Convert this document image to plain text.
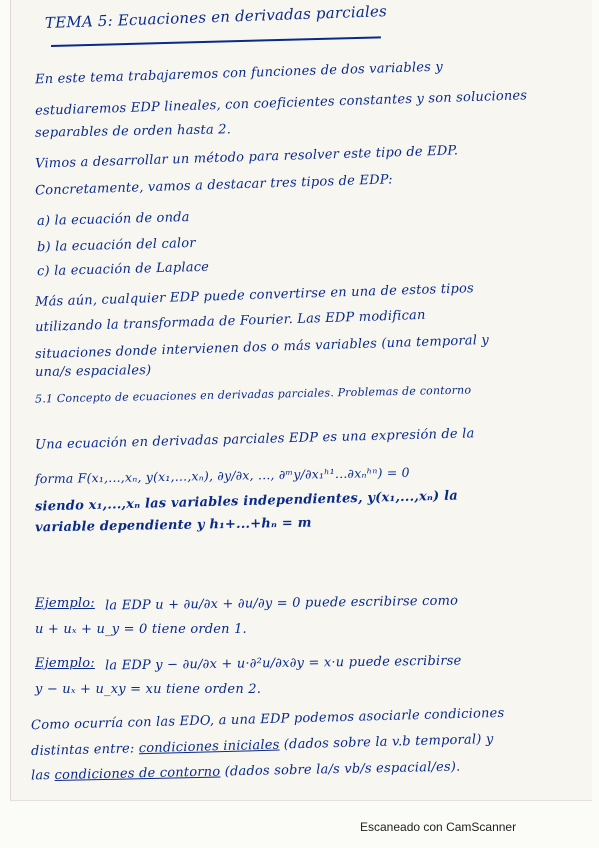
TEMA 5: Ecuaciones en derivadas parciales
En este tema trabajaremos con funciones de dos variables y
estudiaremos EDP lineales, con coeficientes constantes y son soluciones
separables de orden hasta 2.
Vimos a desarrollar un método para resolver este tipo de EDP.
Concretamente, vamos a destacar tres tipos de EDP:
a) la ecuación de onda
b) la ecuación del calor
c) la ecuación de Laplace
Más aún, cualquier EDP puede convertirse en una de estos tipos
utilizando la transformada de Fourier. Las EDP modifican
situaciones donde intervienen dos o más variables (una temporal y
una/s espaciales)
5.1 Concepto de ecuaciones en derivadas parciales. Problemas de contorno
Una ecuación en derivadas parciales EDP es una expresión de la
forma F(x₁,...,xₙ, y(x₁,...,xₙ), ∂y/∂x, ..., ∂ᵐy/∂x₁ʰ¹...∂xₙʰⁿ) = 0
siendo x₁,...,xₙ las variables independientes, y(x₁,...,xₙ) la
variable dependiente y h₁+...+hₙ = m
Ejemplo: la EDP u + ∂u/∂x + ∂u/∂y = 0 puede escribirse como
u + uₓ + u_y = 0 tiene orden 1.
Ejemplo: la EDP y − ∂u/∂x + u·∂²u/∂x∂y = x·u puede escribirse
y − uₓ + u_xy = xu tiene orden 2.
Como ocurría con las EDO, a una EDP podemos asociarle condiciones
distintas entre: condiciones iniciales (dados sobre la v.b temporal) y
las condiciones de contorno (dados sobre la/s vb/s espacial/es).
Escaneado con CamScanner
